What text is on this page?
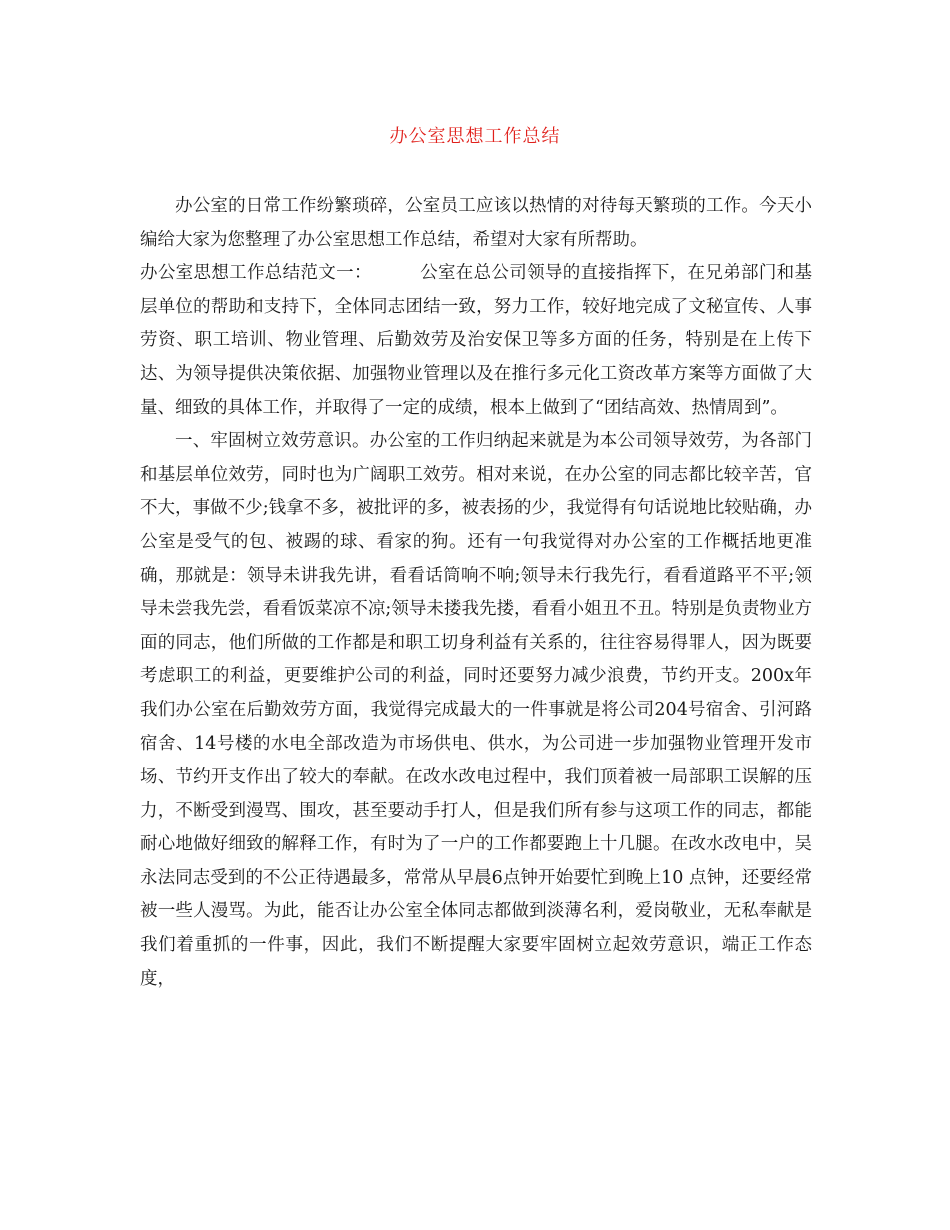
办公室思想工作总结

办公室的日常工作纷繁琐碎，公室员工应该以热情的对待每天繁琐的工作。今天小编给大家为您整理了办公室思想工作总结，希望对大家有所帮助。

办公室思想工作总结范文一：	公室在总公司领导的直接指挥下，在兄弟部门和基层单位的帮助和支持下，全体同志团结一致，努力工作，较好地完成了文秘宣传、人事劳资、职工培训、物业管理、后勤效劳及治安保卫等多方面的任务，特别是在上传下达、为领导提供决策依据、加强物业管理以及在推行多元化工资改革方案等方面做了大量、细致的具体工作，并取得了一定的成绩，根本上做到了“团结高效、热情周到”。

一、牢固树立效劳意识。办公室的工作归纳起来就是为本公司领导效劳，为各部门和基层单位效劳，同时也为广阔职工效劳。相对来说，在办公室的同志都比较辛苦，官不大，事做不少;钱拿不多，被批评的多，被表扬的少，我觉得有句话说地比较贴确，办公室是受气的包、被踢的球、看家的狗。还有一句我觉得对办公室的工作概括地更准确，那就是：领导未讲我先讲，看看话筒响不响;领导未行我先行，看看道路平不平;领导未尝我先尝，看看饭菜凉不凉;领导未搂我先搂，看看小姐丑不丑。特别是负责物业方面的同志，他们所做的工作都是和职工切身利益有关系的，往往容易得罪人，因为既要考虑职工的利益，更要维护公司的利益，同时还要努力减少浪费，节约开支。200x年我们办公室在后勤效劳方面，我觉得完成最大的一件事就是将公司204号宿舍、引河路宿舍、14号楼的水电全部改造为市场供电、供水，为公司进一步加强物业管理开发市场、节约开支作出了较大的奉献。在改水改电过程中，我们顶着被一局部职工误解的压力，不断受到漫骂、围攻，甚至要动手打人，但是我们所有参与这项工作的同志，都能耐心地做好细致的解释工作，有时为了一户的工作都要跑上十几腿。在改水改电中，吴永法同志受到的不公正待遇最多，常常从早晨6点钟开始要忙到晚上10 点钟，还要经常被一些人漫骂。为此，能否让办公室全体同志都做到淡薄名利，爱岗敬业，无私奉献是我们着重抓的一件事，因此，我们不断提醒大家要牢固树立起效劳意识，端正工作态度，
